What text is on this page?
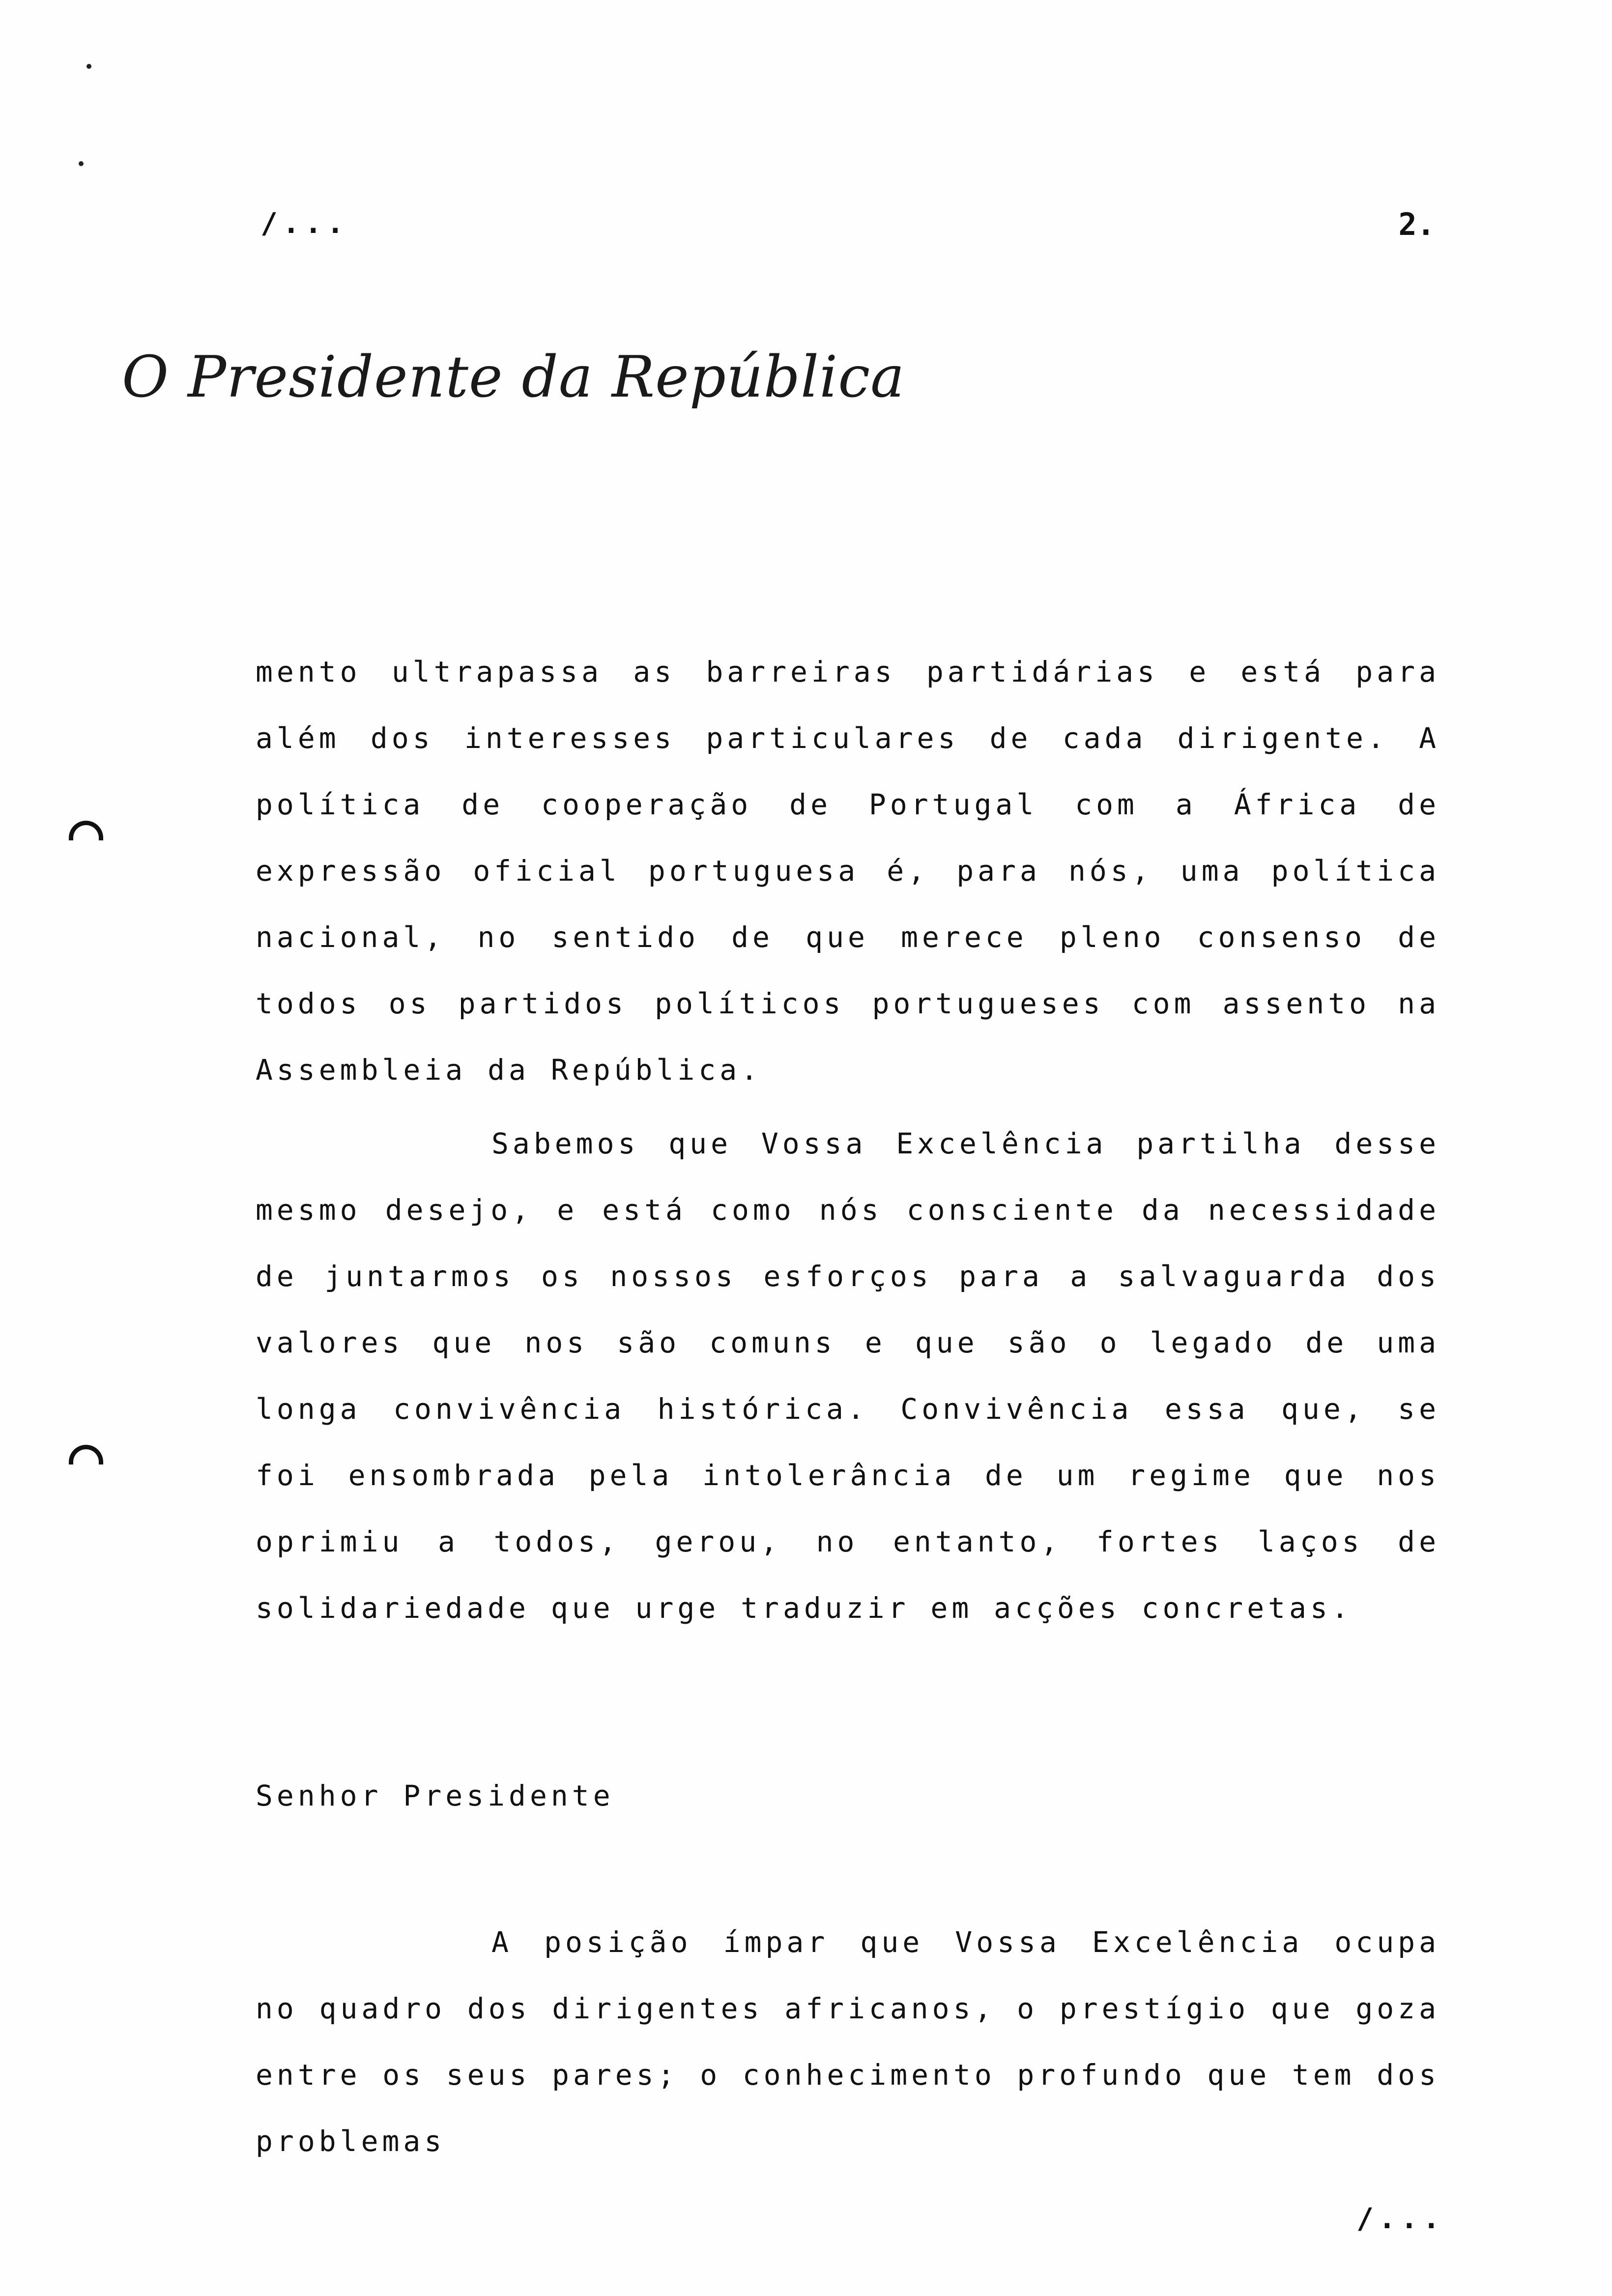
/...	2.
O Presidente da República

mento ultrapassa as barreiras partidárias e está para além dos interesses particulares de cada dirigente. A política de cooperação de Portugal com a África de expressão oficial portuguesa é, para nós, uma política nacional, no sentido de que merece pleno consenso de todos os partidos políticos portugueses com assento na Assembleia da República.

Sabemos que Vossa Excelência partilha desse mesmo desejo, e está como nós consciente da necessidade de juntarmos os nossos esforços para a salvaguarda dos valores que nos são comuns e que são o legado de uma longa convivência histórica. Convivência essa que, se foi ensombrada pela intolerância de um regime que nos oprimiu a todos, gerou, no entanto, fortes laços de solidariedade que urge traduzir em acções concretas.

Senhor Presidente

A posição ímpar que Vossa Excelência ocupa no quadro dos dirigentes africanos, o prestígio que goza entre os seus pares; o conhecimento profundo que tem dos problemas

/...
